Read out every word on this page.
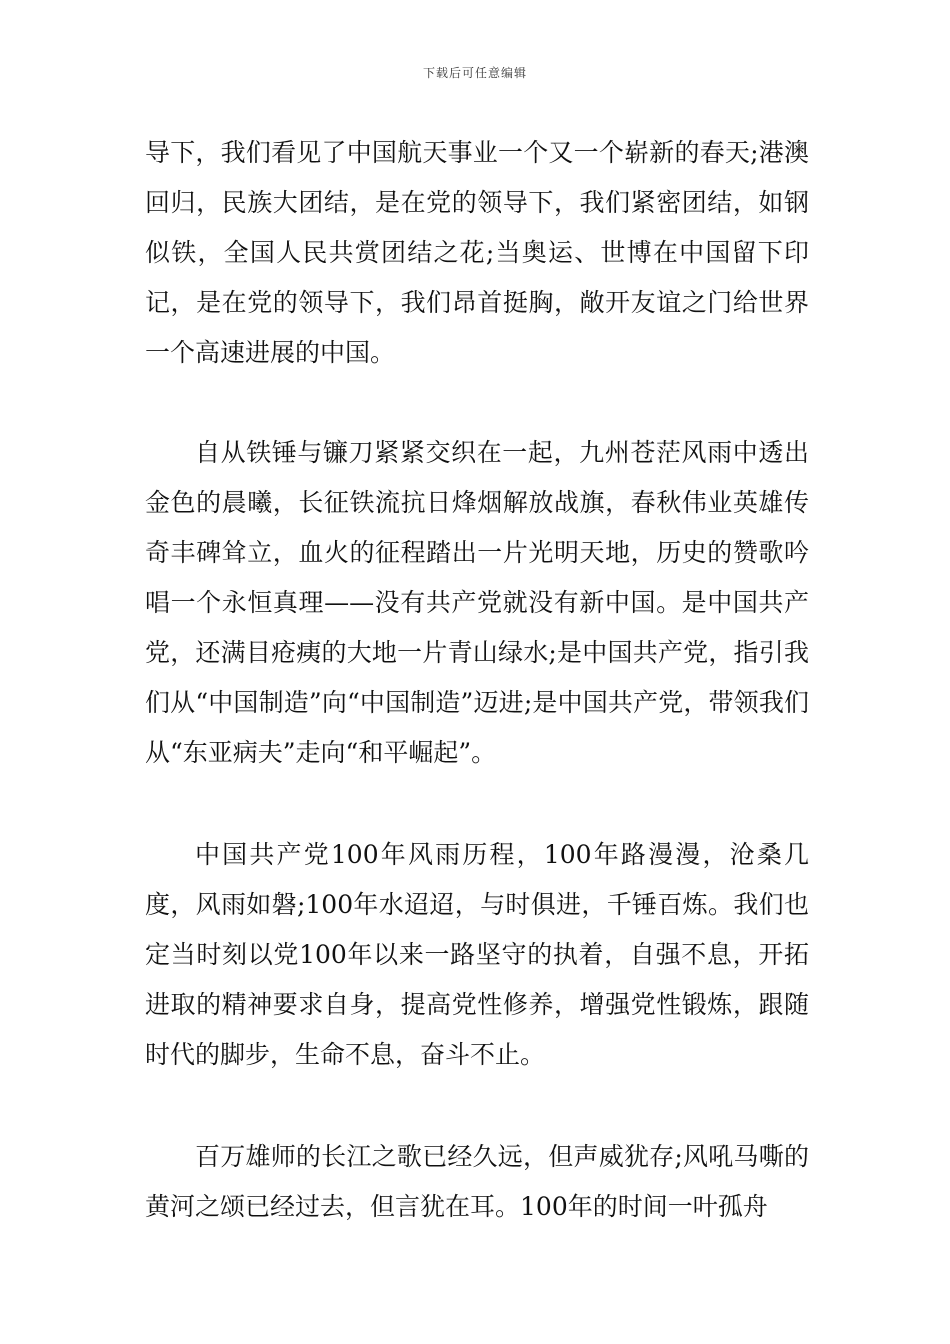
下载后可任意编辑

导下，我们看见了中国航天事业一个又一个崭新的春天;港澳回归，民族大团结，是在党的领导下，我们紧密团结，如钢似铁，全国人民共赏团结之花;当奥运、世博在中国留下印记，是在党的领导下，我们昂首挺胸，敞开友谊之门给世界一个高速进展的中国。

自从铁锤与镰刀紧紧交织在一起，九州苍茫风雨中透出金色的晨曦，长征铁流抗日烽烟解放战旗，春秋伟业英雄传奇丰碑耸立，血火的征程踏出一片光明天地，历史的赞歌吟唱一个永恒真理——没有共产党就没有新中国。是中国共产党，还满目疮痍的大地一片青山绿水;是中国共产党，指引我们从“中国制造”向“中国制造”迈进;是中国共产党，带领我们从“东亚病夫”走向“和平崛起”。

中国共产党100年风雨历程，100年路漫漫，沧桑几度，风雨如磐;100年水迢迢，与时俱进，千锤百炼。我们也定当时刻以党100年以来一路坚守的执着，自强不息，开拓进取的精神要求自身，提高党性修养，增强党性锻炼，跟随时代的脚步，生命不息，奋斗不止。

百万雄师的长江之歌已经久远，但声威犹存;风吼马嘶的黄河之颂已经过去，但言犹在耳。100年的时间一叶孤舟
